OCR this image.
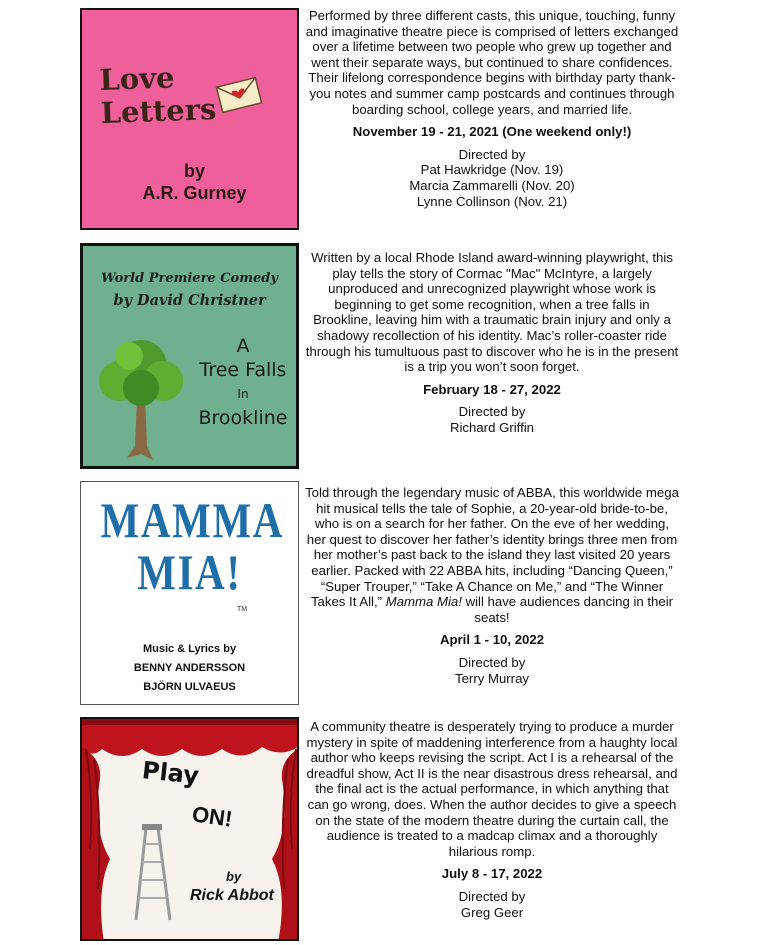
Love
Letters
by
A.R. Gurney

Performed by three different casts, this unique, touching, funny and imaginative theatre piece is comprised of letters exchanged over a lifetime between two people who grew up together and went their separate ways, but continued to share confidences. Their lifelong correspondence begins with birthday party thank-you notes and summer camp postcards and continues through boarding school, college years, and married life.

November 19 - 21, 2021 (One weekend only!)

Directed by

Pat Hawkridge (Nov. 19)

Marcia Zammarelli (Nov. 20)

Lynne Collinson (Nov. 21)

World Premiere Comedy
by David Christner
A
Tree Falls
In
Brookline

Written by a local Rhode Island award-winning playwright, this play tells the story of Cormac "Mac" McIntyre, a largely unproduced and unrecognized playwright whose work is beginning to get some recognition, when a tree falls in Brookline, leaving him with a traumatic brain injury and only a shadowy recollection of his identity. Mac’s roller-coaster ride through his tumultuous past to discover who he is in the present is a trip you won’t soon forget.

February 18 - 27, 2022

Directed by

Richard Griffin

MAMMA
MIA!
TM
Music & Lyrics by
BENNY ANDERSSON
BJÖRN ULVAEUS

Told through the legendary music of ABBA, this worldwide mega hit musical tells the tale of Sophie, a 20-year-old bride-to-be, who is on a search for her father. On the eve of her wedding, her quest to discover her father’s identity brings three men from her mother’s past back to the island they last visited 20 years earlier. Packed with 22 ABBA hits, including “Dancing Queen,” “Super Trouper,” “Take A Chance on Me,” and “The Winner Takes It All,” Mamma Mia! will have audiences dancing in their seats!

April 1 - 10, 2022

Directed by

Terry Murray

Play
ON!
by
Rick Abbot

A community theatre is desperately trying to produce a murder mystery in spite of maddening interference from a haughty local author who keeps revising the script. Act I is a rehearsal of the dreadful show, Act II is the near disastrous dress rehearsal, and the final act is the actual performance, in which anything that can go wrong, does. When the author decides to give a speech on the state of the modern theatre during the curtain call, the audience is treated to a madcap climax and a thoroughly hilarious romp.

July 8 - 17, 2022

Directed by

Greg Geer
